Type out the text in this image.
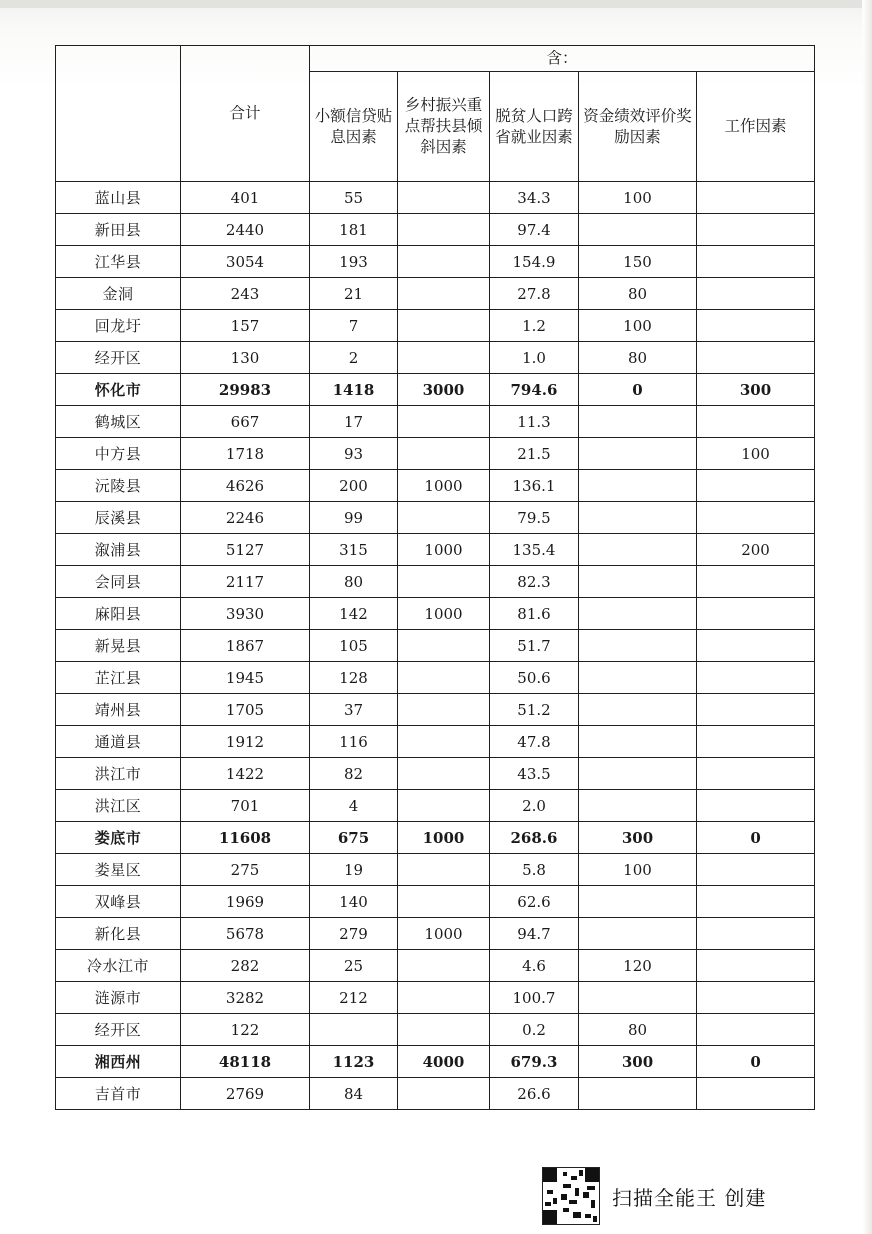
	合计	含：				
		小额信贷贴息因素	乡村振兴重点帮扶县倾斜因素	脱贫人口跨省就业因素	资金绩效评价奖励因素	工作因素
蓝山县	401	55		34.3	100	
新田县	2440	181		97.4		
江华县	3054	193		154.9	150	
金洞	243	21		27.8	80	
回龙圩	157	7		1.2	100	
经开区	130	2		1.0	80	
怀化市	29983	1418	3000	794.6	0	300
鹤城区	667	17		11.3		
中方县	1718	93		21.5		100
沅陵县	4626	200	1000	136.1		
辰溪县	2246	99		79.5		
溆浦县	5127	315	1000	135.4		200
会同县	2117	80		82.3		
麻阳县	3930	142	1000	81.6		
新晃县	1867	105		51.7		
芷江县	1945	128		50.6		
靖州县	1705	37		51.2		
通道县	1912	116		47.8		
洪江市	1422	82		43.5		
洪江区	701	4		2.0		
娄底市	11608	675	1000	268.6	300	0
娄星区	275	19		5.8	100	
双峰县	1969	140		62.6		
新化县	5678	279	1000	94.7		
冷水江市	282	25		4.6	120	
涟源市	3282	212		100.7		
经开区	122			0.2	80	
湘西州	48118	1123	4000	679.3	300	0
吉首市	2769	84		26.6		
扫描全能王 创建
